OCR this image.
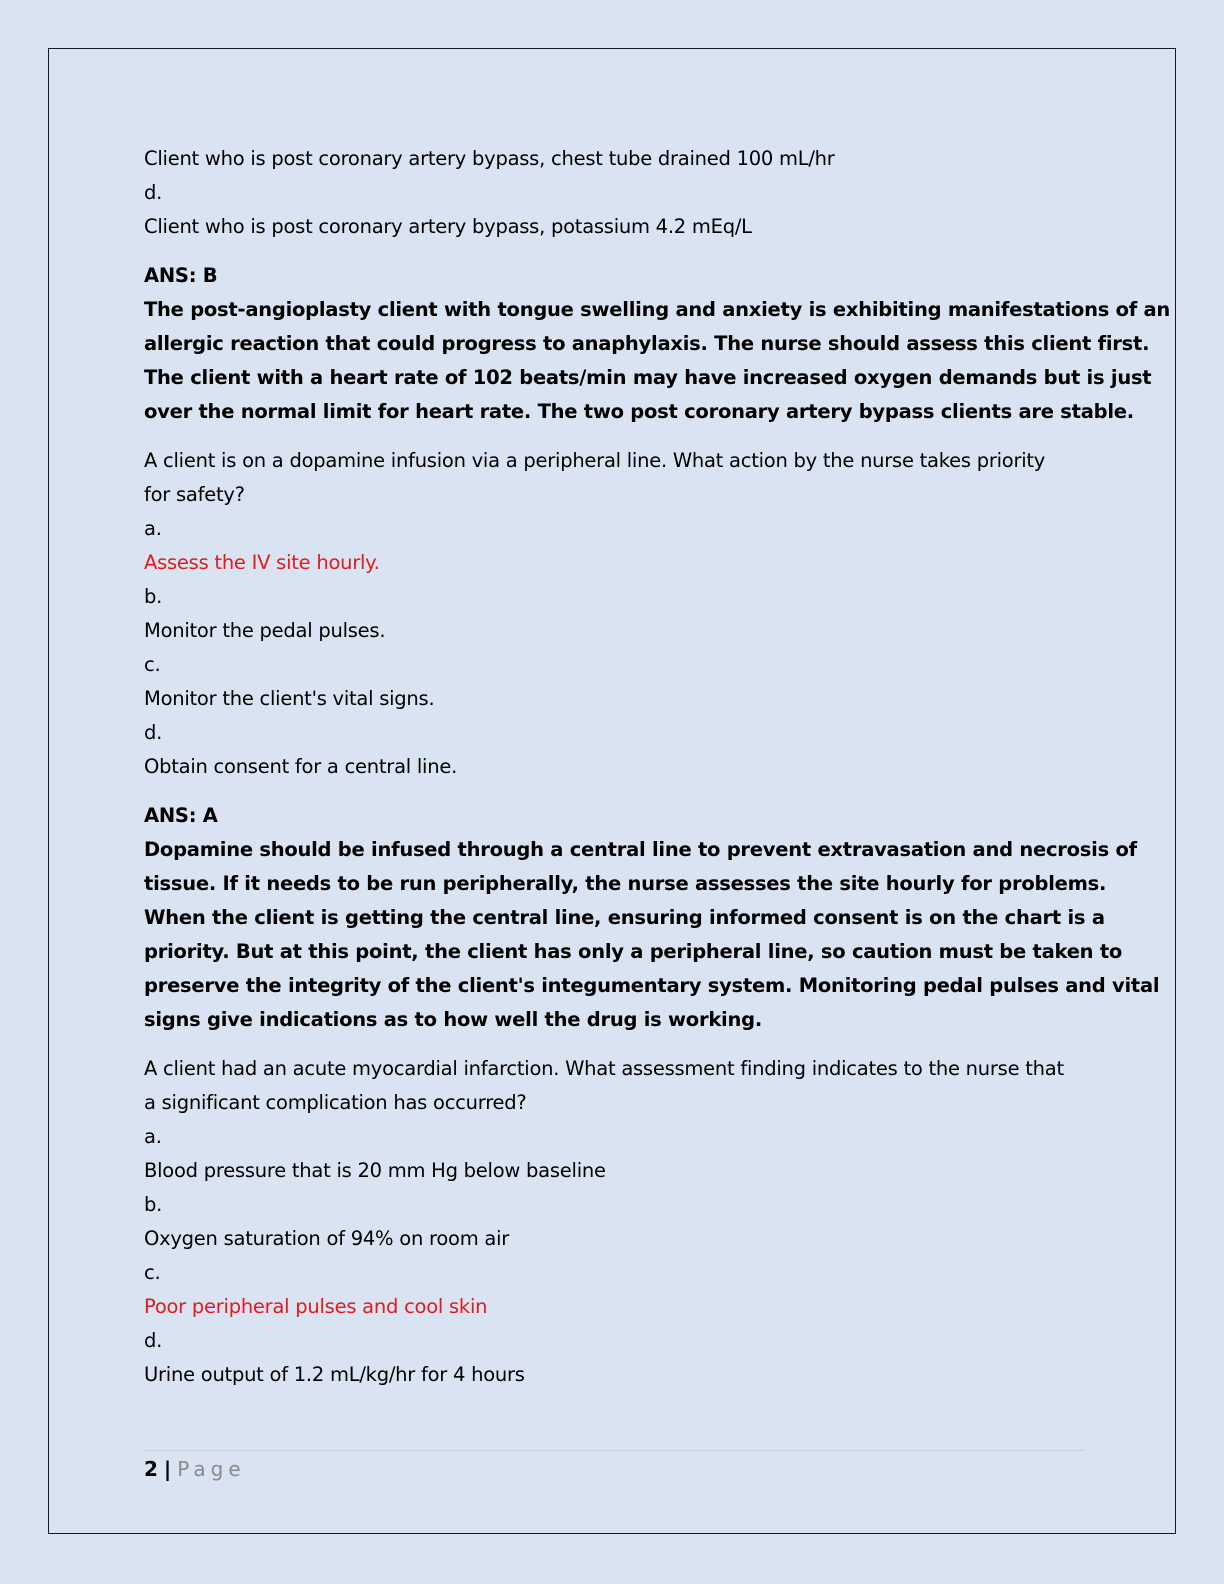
Client who is post coronary artery bypass, chest tube drained 100 mL/hr
d.
Client who is post coronary artery bypass, potassium 4.2 mEq/L
ANS: B
The post-angioplasty client with tongue swelling and anxiety is exhibiting manifestations of an
allergic reaction that could progress to anaphylaxis. The nurse should assess this client first.
The client with a heart rate of 102 beats/min may have increased oxygen demands but is just
over the normal limit for heart rate. The two post coronary artery bypass clients are stable.
A client is on a dopamine infusion via a peripheral line. What action by the nurse takes priority
for safety?
a.
Assess the IV site hourly.
b.
Monitor the pedal pulses.
c.
Monitor the client's vital signs.
d.
Obtain consent for a central line.
ANS: A
Dopamine should be infused through a central line to prevent extravasation and necrosis of
tissue. If it needs to be run peripherally, the nurse assesses the site hourly for problems.
When the client is getting the central line, ensuring informed consent is on the chart is a
priority. But at this point, the client has only a peripheral line, so caution must be taken to
preserve the integrity of the client's integumentary system. Monitoring pedal pulses and vital
signs give indications as to how well the drug is working.
A client had an acute myocardial infarction. What assessment finding indicates to the nurse that
a significant complication has occurred?
a.
Blood pressure that is 20 mm Hg below baseline
b.
Oxygen saturation of 94% on room air
c.
Poor peripheral pulses and cool skin
d.
Urine output of 1.2 mL/kg/hr for 4 hours
2 | Page
